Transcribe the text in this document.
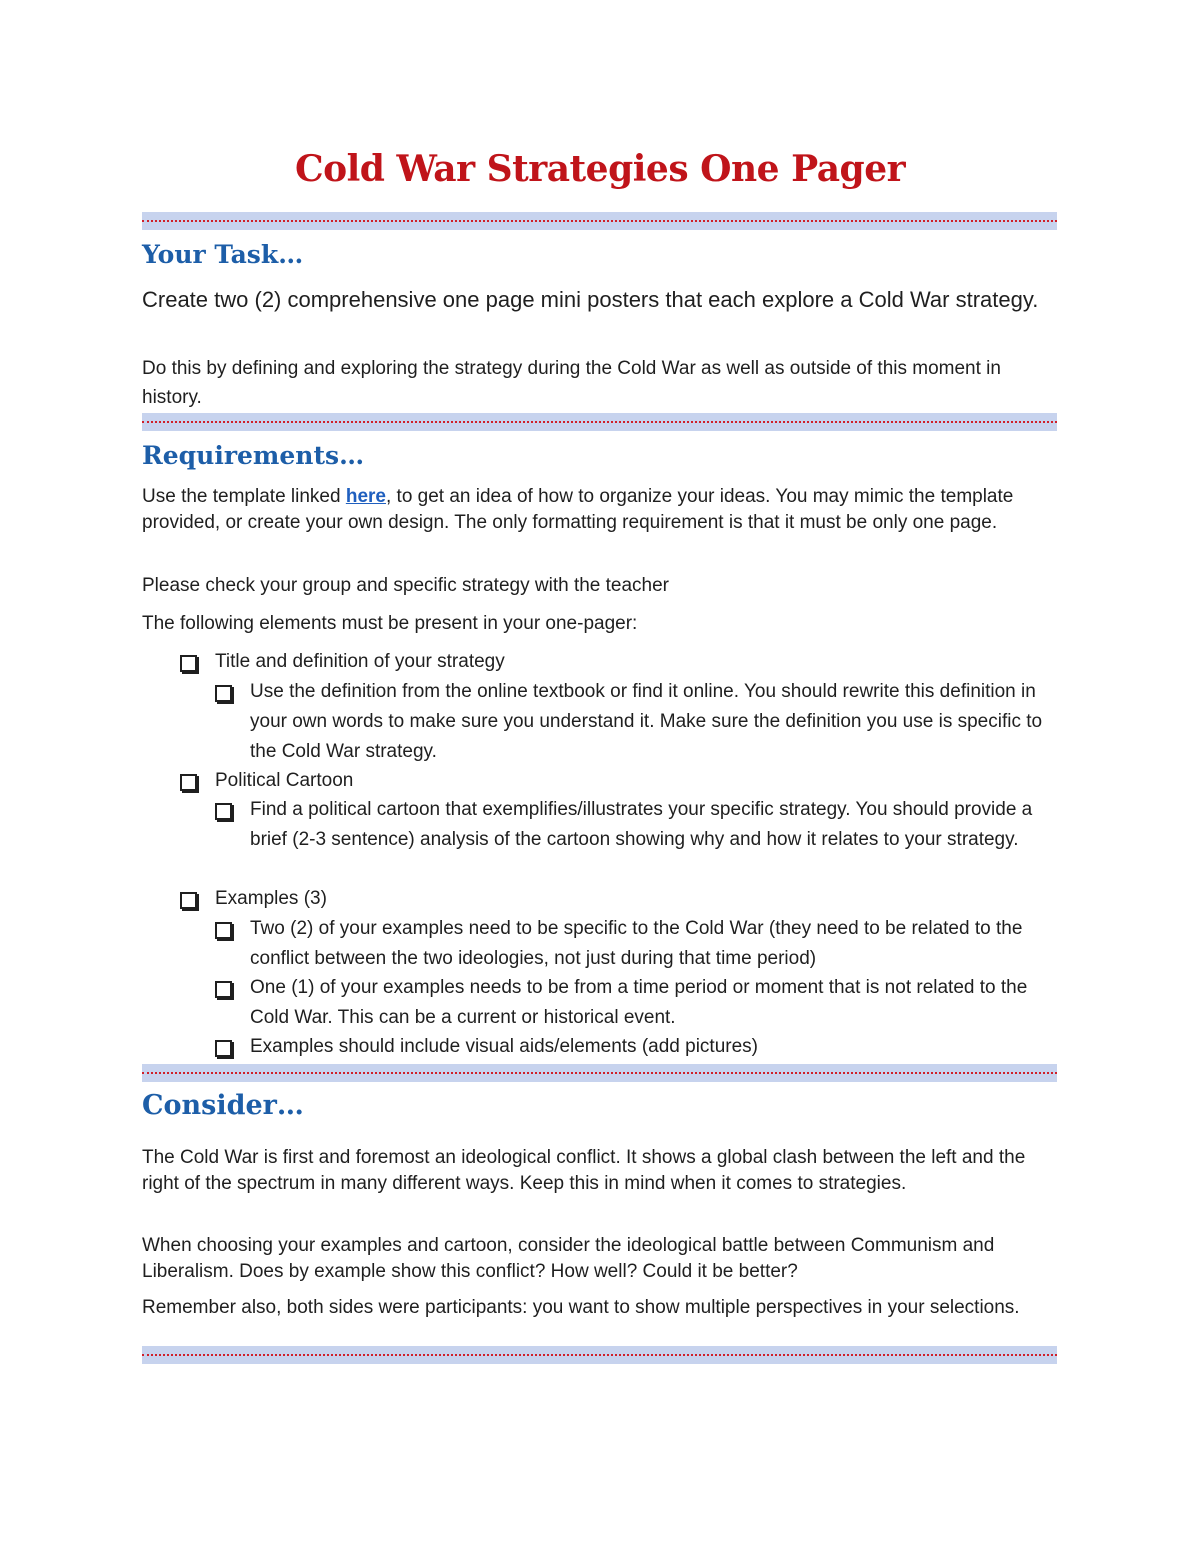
Cold War Strategies One Pager
Your Task…

Create two (2) comprehensive one page mini posters that each explore a Cold War strategy.

Do this by defining and exploring the strategy during the Cold War as well as outside of this moment in history.

Requirements…

Use the template linked here, to get an idea of how to organize your ideas. You may mimic the template provided, or create your own design. The only formatting requirement is that it must be only one page.

Please check your group and specific strategy with the teacher

The following elements must be present in your one-pager:

Title and definition of your strategy
Use the definition from the online textbook or find it online. You should rewrite this definition in your own words to make sure you understand it. Make sure the definition you use is specific to the Cold War strategy.
Political Cartoon
Find a political cartoon that exemplifies/illustrates your specific strategy. You should provide a brief (2-3 sentence) analysis of the cartoon showing why and how it relates to your strategy.
Examples (3)
Two (2) of your examples need to be specific to the Cold War (they need to be related to the conflict between the two ideologies, not just during that time period)
One (1) of your examples needs to be from a time period or moment that is not related to the Cold War. This can be a current or historical event.
Examples should include visual aids/elements (add pictures)
Consider…

The Cold War is first and foremost an ideological conflict. It shows a global clash between the left and the right of the spectrum in many different ways. Keep this in mind when it comes to strategies.

When choosing your examples and cartoon, consider the ideological battle between Communism and Liberalism. Does by example show this conflict? How well? Could it be better?

Remember also, both sides were participants: you want to show multiple perspectives in your selections.
